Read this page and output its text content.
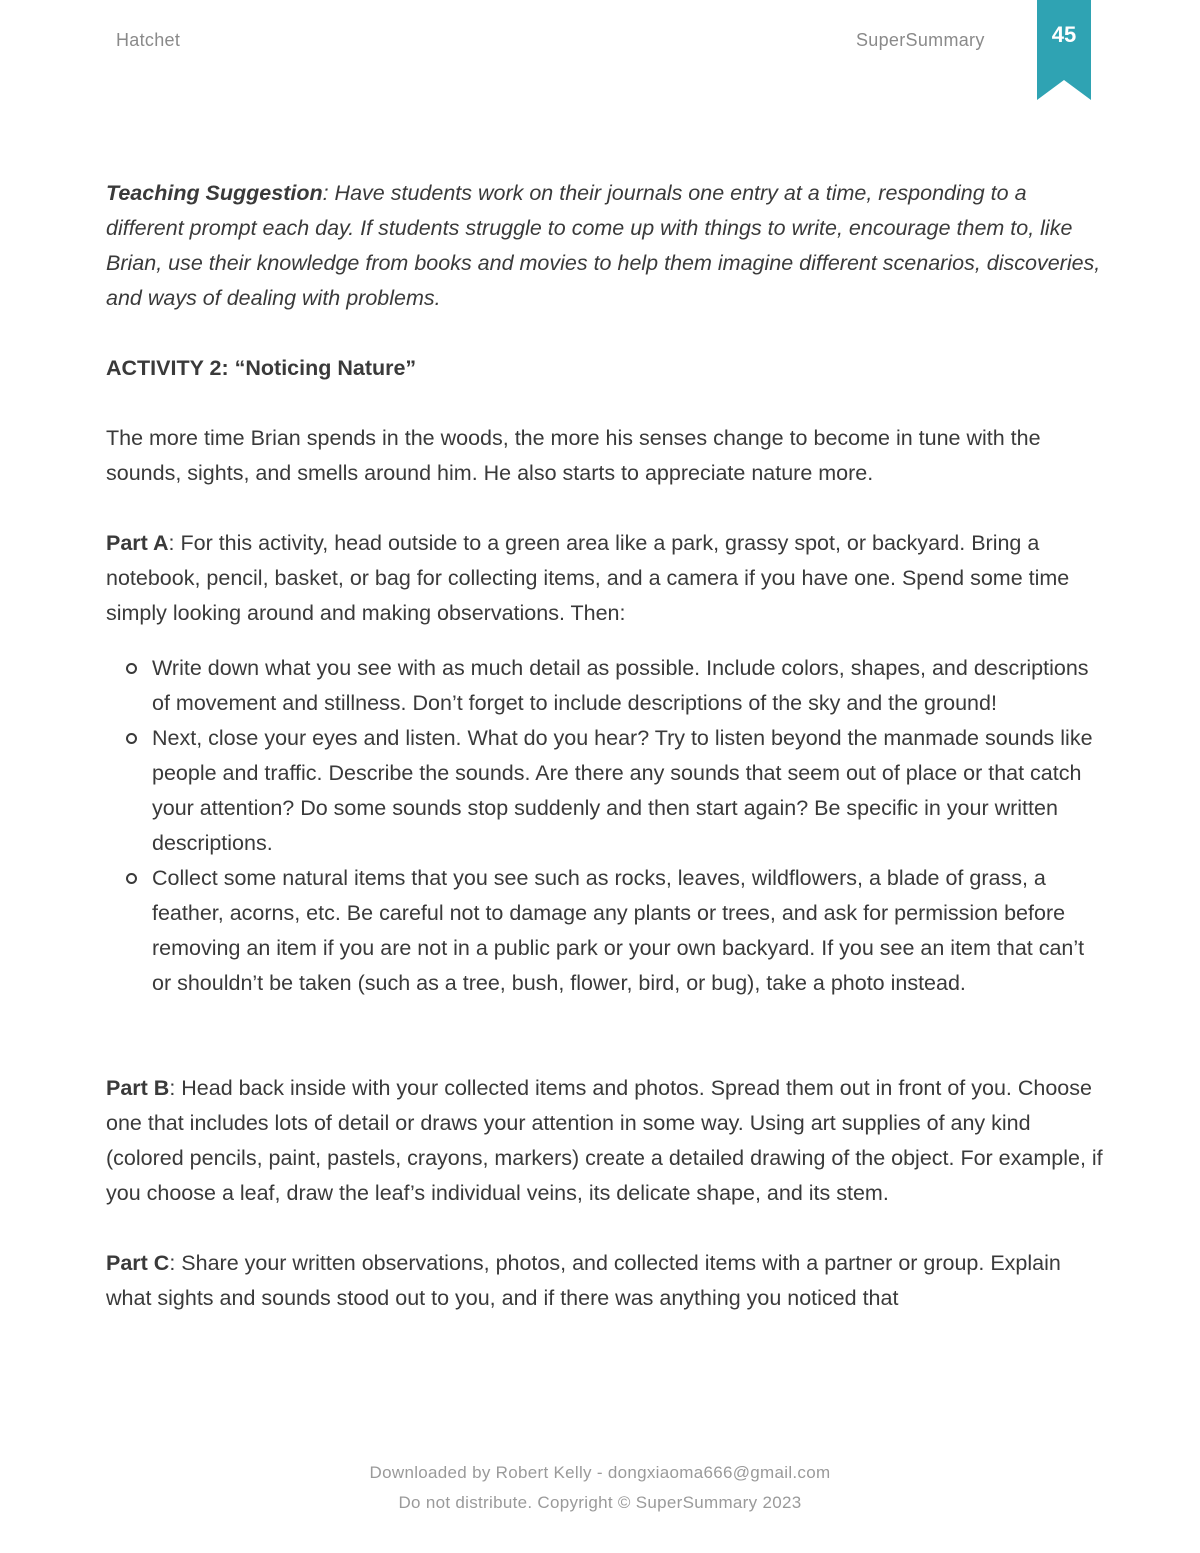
Hatchet	SuperSummary	45

Teaching Suggestion: Have students work on their journals one entry at a time, responding to a different prompt each day. If students struggle to come up with things to write, encourage them to, like Brian, use their knowledge from books and movies to help them imagine different scenarios, discoveries, and ways of dealing with problems.

ACTIVITY 2: “Noticing Nature”

The more time Brian spends in the woods, the more his senses change to become in tune with the sounds, sights, and smells around him. He also starts to appreciate nature more.

Part A: For this activity, head outside to a green area like a park, grassy spot, or backyard. Bring a notebook, pencil, basket, or bag for collecting items, and a camera if you have one. Spend some time simply looking around and making observations. Then:

Write down what you see with as much detail as possible. Include colors, shapes, and descriptions of movement and stillness. Don’t forget to include descriptions of the sky and the ground!
Next, close your eyes and listen. What do you hear? Try to listen beyond the manmade sounds like people and traffic. Describe the sounds. Are there any sounds that seem out of place or that catch your attention? Do some sounds stop suddenly and then start again? Be specific in your written descriptions.
Collect some natural items that you see such as rocks, leaves, wildflowers, a blade of grass, a feather, acorns, etc. Be careful not to damage any plants or trees, and ask for permission before removing an item if you are not in a public park or your own backyard. If you see an item that can’t or shouldn’t be taken (such as a tree, bush, flower, bird, or bug), take a photo instead.

Part B: Head back inside with your collected items and photos. Spread them out in front of you. Choose one that includes lots of detail or draws your attention in some way. Using art supplies of any kind (colored pencils, paint, pastels, crayons, markers) create a detailed drawing of the object. For example, if you choose a leaf, draw the leaf’s individual veins, its delicate shape, and its stem.

Part C: Share your written observations, photos, and collected items with a partner or group. Explain what sights and sounds stood out to you, and if there was anything you noticed that

Downloaded by Robert Kelly - dongxiaoma666@gmail.com
Do not distribute. Copyright © SuperSummary 2023
